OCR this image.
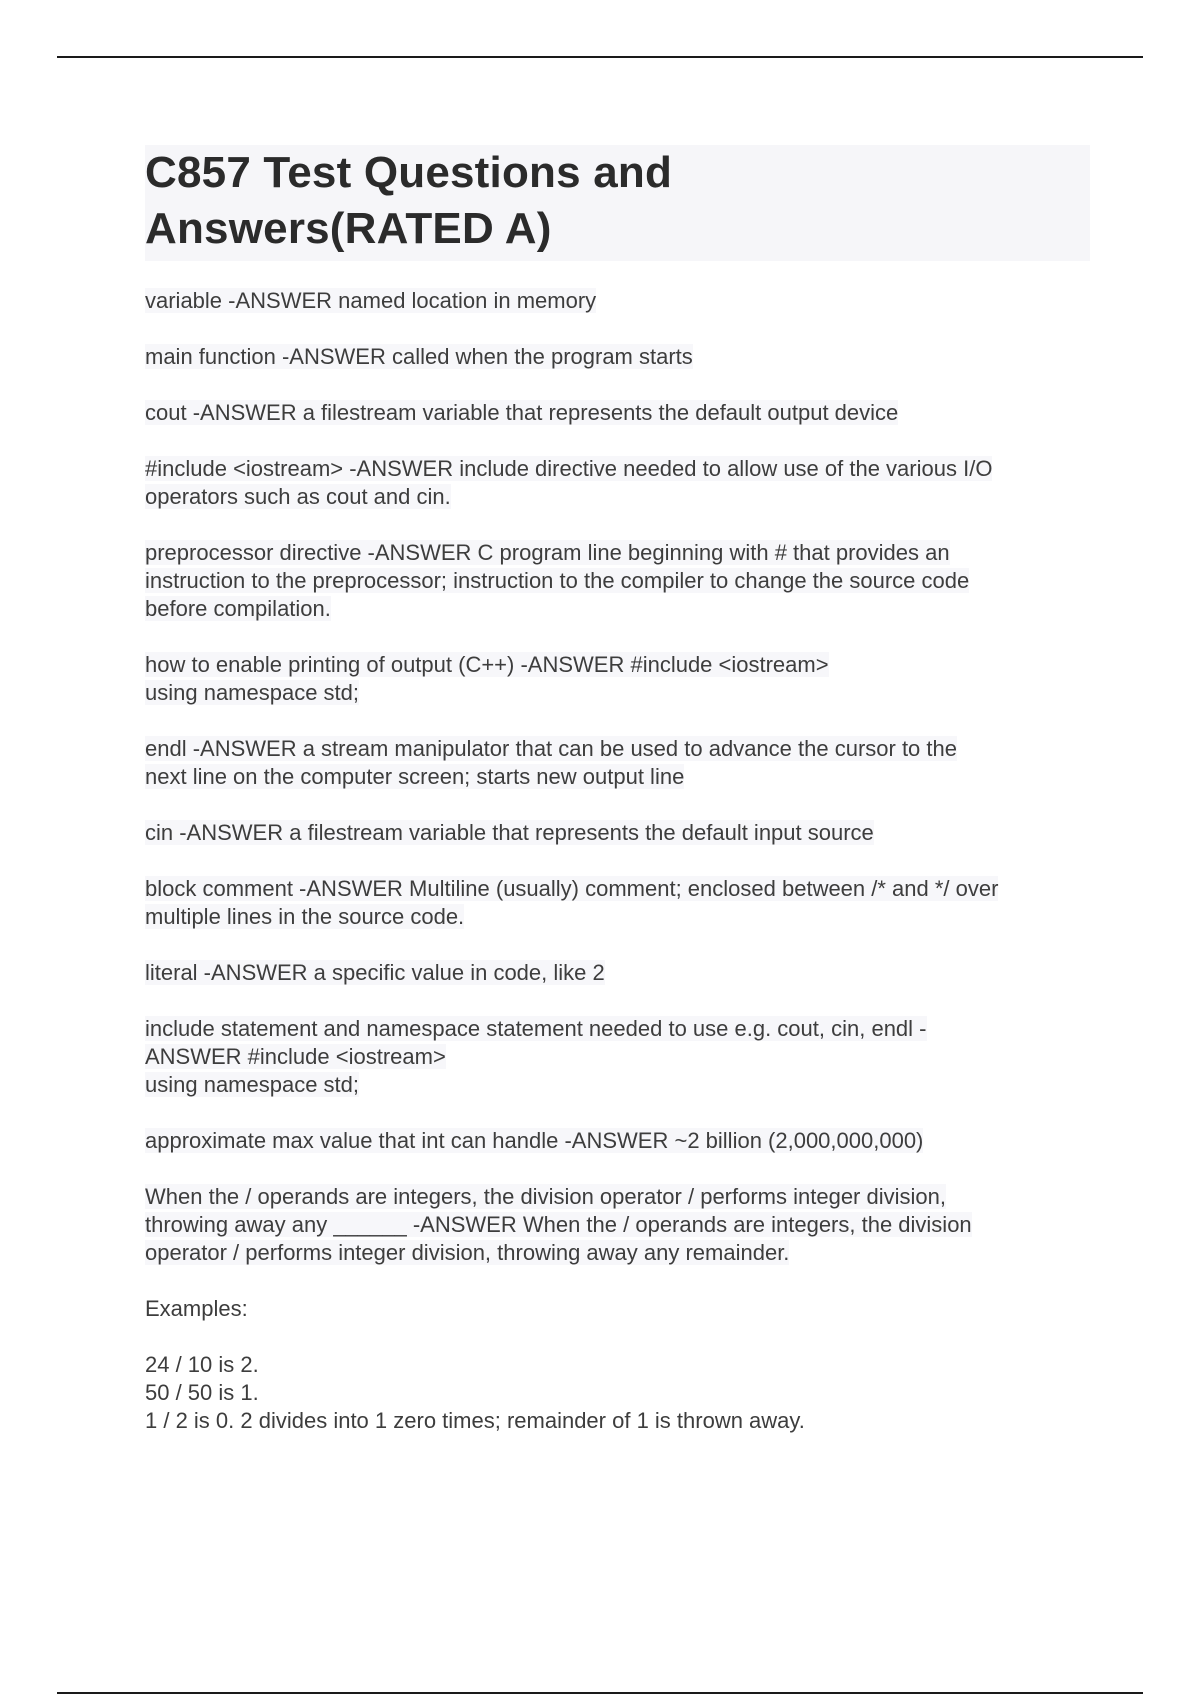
C857 Test Questions and
Answers(RATED A)

variable -ANSWER named location in memory

main function -ANSWER called when the program starts

cout -ANSWER a filestream variable that represents the default output device

#include <iostream> -ANSWER include directive needed to allow use of the various I/O
operators such as cout and cin.

preprocessor directive -ANSWER C program line beginning with # that provides an
instruction to the preprocessor; instruction to the compiler to change the source code
before compilation.

how to enable printing of output (C++) -ANSWER #include <iostream>
using namespace std;

endl -ANSWER a stream manipulator that can be used to advance the cursor to the
next line on the computer screen; starts new output line

cin -ANSWER a filestream variable that represents the default input source

block comment -ANSWER Multiline (usually) comment; enclosed between /* and */ over
multiple lines in the source code.

literal -ANSWER a specific value in code, like 2

include statement and namespace statement needed to use e.g. cout, cin, endl -
ANSWER #include <iostream>
using namespace std;

approximate max value that int can handle -ANSWER ~2 billion (2,000,000,000)

When the / operands are integers, the division operator / performs integer division,
throwing away any ______ -ANSWER When the / operands are integers, the division
operator / performs integer division, throwing away any remainder.

Examples:

24 / 10 is 2.
50 / 50 is 1.
1 / 2 is 0. 2 divides into 1 zero times; remainder of 1 is thrown away.
